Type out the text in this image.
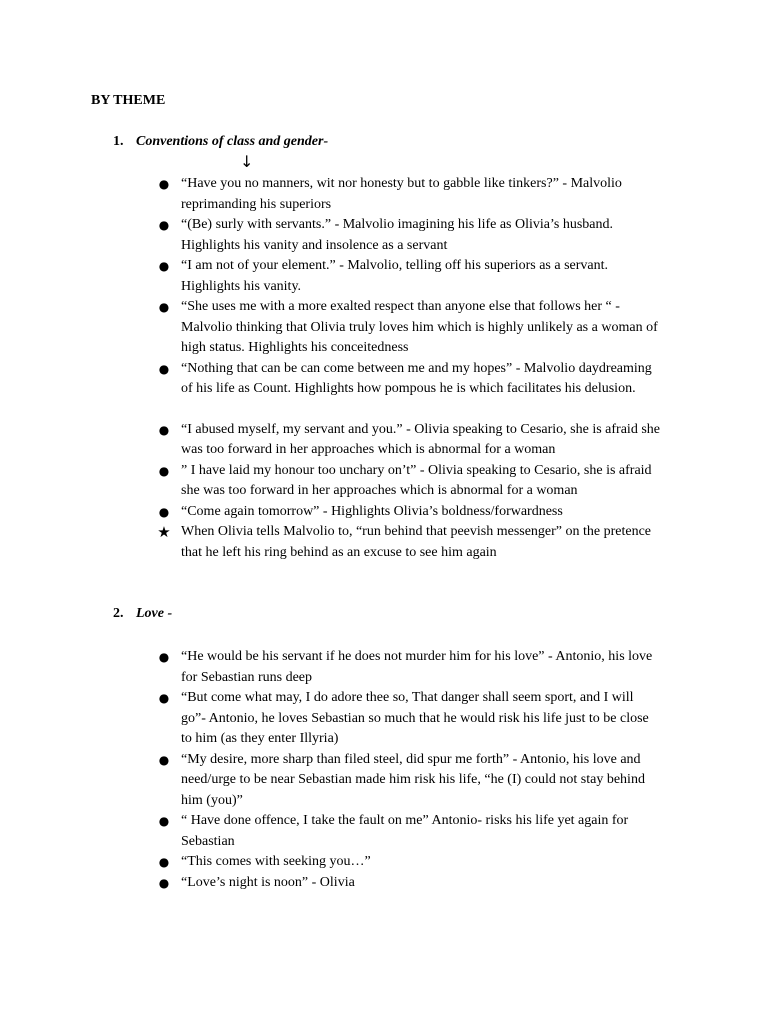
BY THEME

1. Conventions of class and gender-

↓
● “Have you no manners, wit nor honesty but to gabble like tinkers?” - Malvolio reprimanding his superiors
● “(Be) surly with servants.” - Malvolio imagining his life as Olivia’s husband. Highlights his vanity and insolence as a servant
● “I am not of your element.” - Malvolio, telling off his superiors as a servant. Highlights his vanity.
● “She uses me with a more exalted respect than anyone else that follows her “ - Malvolio thinking that Olivia truly loves him which is highly unlikely as a woman of high status. Highlights his conceitedness
● “Nothing that can be can come between me and my hopes” - Malvolio daydreaming of his life as Count. Highlights how pompous he is which facilitates his delusion.
● “I abused myself, my servant and you.” - Olivia speaking to Cesario, she is afraid she was too forward in her approaches which is abnormal for a woman
● ” I have laid my honour too unchary on’t” - Olivia speaking to Cesario, she is afraid she was too forward in her approaches which is abnormal for a woman
● “Come again tomorrow” - Highlights Olivia’s boldness/forwardness
★ When Olivia tells Malvolio to, “run behind that peevish messenger” on the pretence that he left his ring behind as an excuse to see him again

2. Love -

● “He would be his servant if he does not murder him for his love” - Antonio, his love for Sebastian runs deep
● “But come what may, I do adore thee so, That danger shall seem sport, and I will go”- Antonio, he loves Sebastian so much that he would risk his life just to be close to him (as they enter Illyria)
● “My desire, more sharp than filed steel, did spur me forth” - Antonio, his love and need/urge to be near Sebastian made him risk his life, “he (I) could not stay behind him (you)”
● “ Have done offence, I take the fault on me” Antonio- risks his life yet again for Sebastian
● “This comes with seeking you…”
● “Love’s night is noon” - Olivia
